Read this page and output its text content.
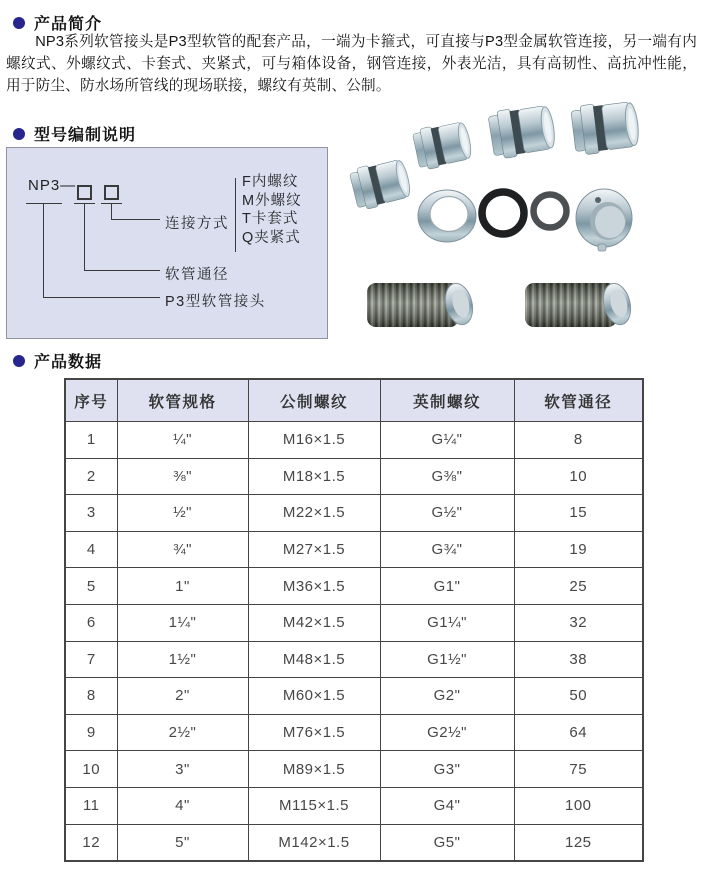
产品简介
NP3系列软管接头是P3型软管的配套产品，一端为卡箍式，可直接与P3型金属软管连接，另一端有内螺纹式、外螺纹式、卡套式、夹紧式，可与箱体设备，钢管连接，外表光洁，具有高韧性、高抗冲性能，用于防尘、防水场所管线的现场联接，螺纹有英制、公制。
型号编制说明
NP3—
连接方式
F内螺纹
M外螺纹
T卡套式
Q夹紧式
软管通径
P3型软管接头
产品数据
序号	软管规格	公制螺纹	英制螺纹	软管通径
1	¼"	M16×1.5	G¼"	8
2	⅜"	M18×1.5	G⅜"	10
3	½"	M22×1.5	G½"	15
4	¾"	M27×1.5	G¾"	19
5	1"	M36×1.5	G1"	25
6	1¼"	M42×1.5	G1¼"	32
7	1½"	M48×1.5	G1½"	38
8	2"	M60×1.5	G2"	50
9	2½"	M76×1.5	G2½"	64
10	3"	M89×1.5	G3"	75
11	4"	M115×1.5	G4"	100
12	5"	M142×1.5	G5"	125
